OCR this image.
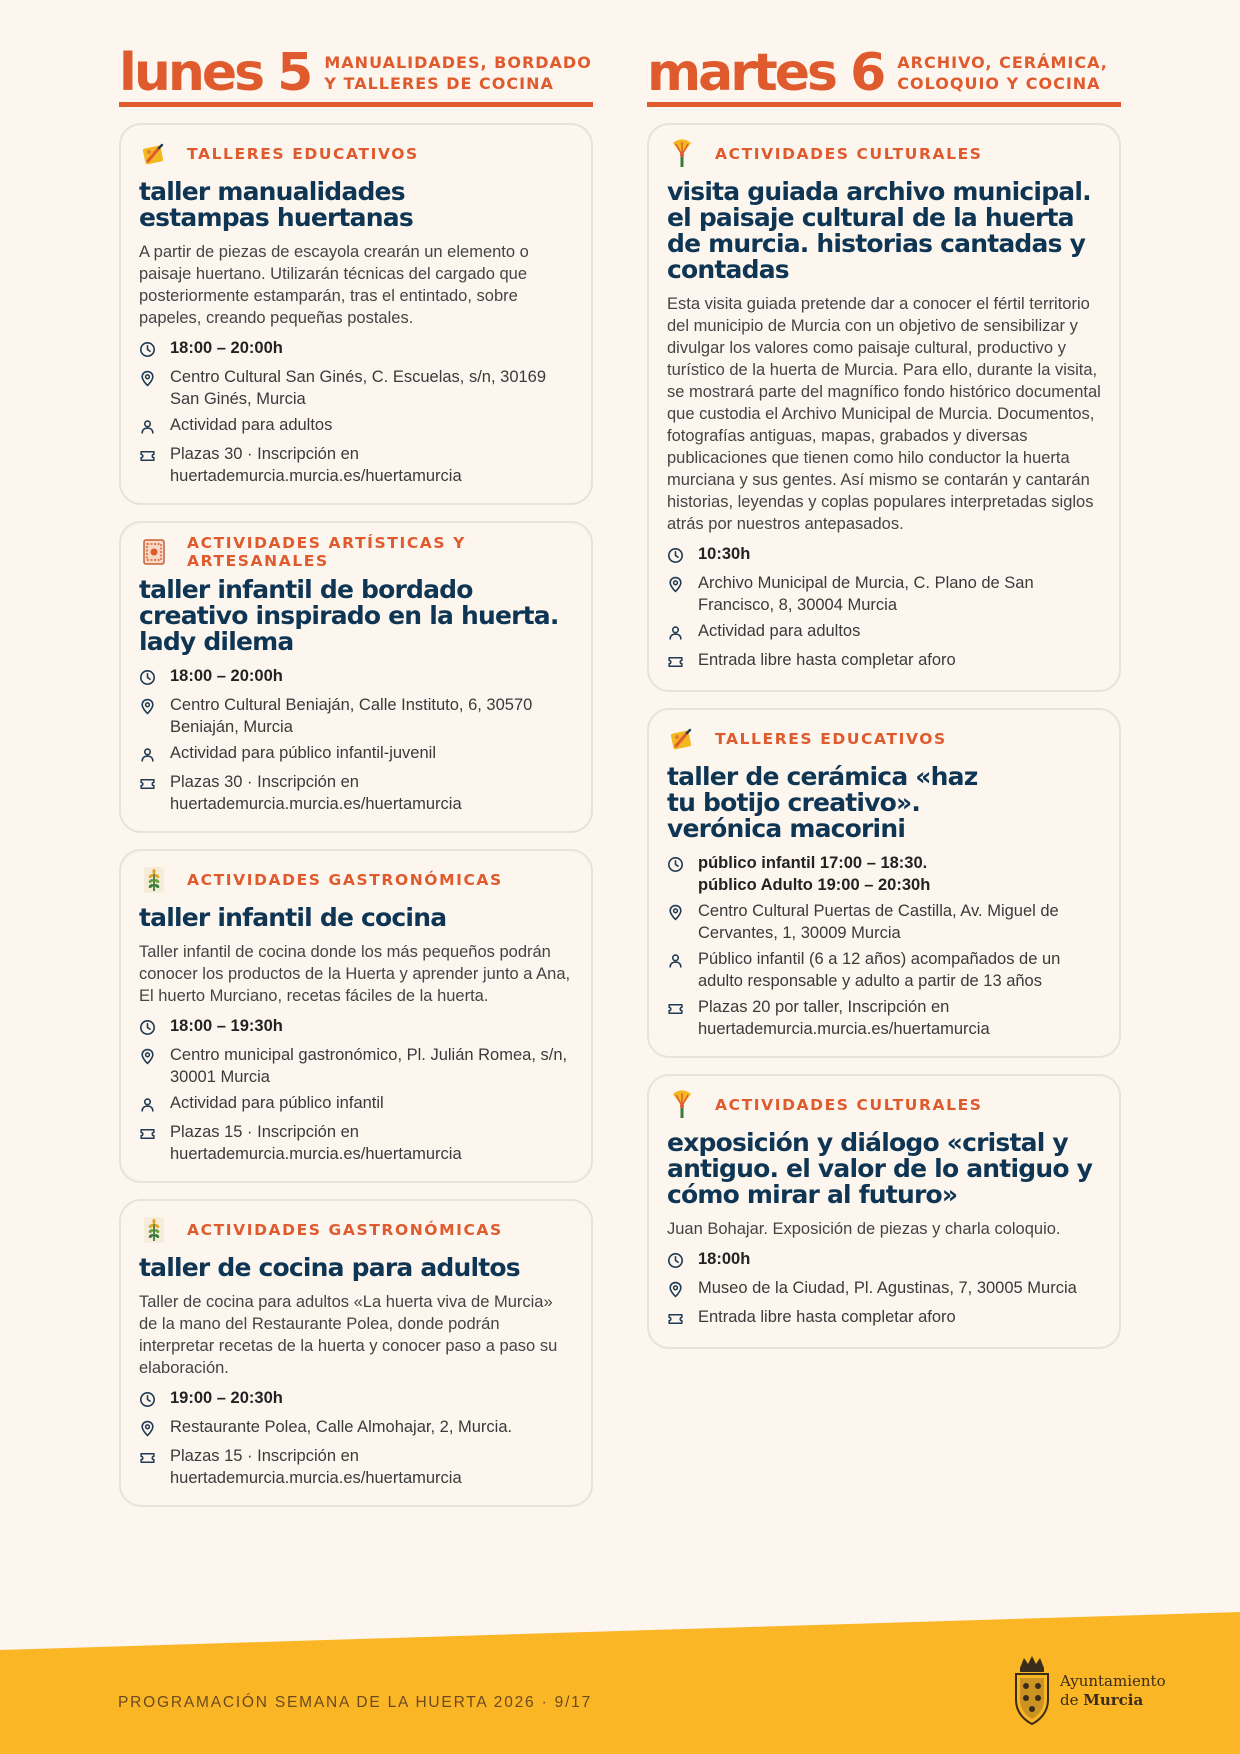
lunes 5 MANUALIDADES, BORDADO
Y TALLERES DE COCINA
TALLERES EDUCATIVOS
taller manualidades estampas huertanas
A partir de piezas de escayola crearán un elemento o paisaje huertano. Utilizarán técnicas del cargado que posteriormente estamparán, tras el entintado, sobre papeles, creando pequeñas postales.
18:00 – 20:00h
Centro Cultural San Ginés, C. Escuelas, s/n, 30169 San Ginés, Murcia
Actividad para adultos
Plazas 30 · Inscripción en huertademurcia.murcia.es/huertamurcia
ACTIVIDADES ARTÍSTICAS Y ARTESANALES
taller infantil de bordado creativo inspirado en la huerta. lady dilema
18:00 – 20:00h
Centro Cultural Beniaján, Calle Instituto, 6, 30570 Beniaján, Murcia
Actividad para público infantil-juvenil
Plazas 30 · Inscripción en huertademurcia.murcia.es/huertamurcia
ACTIVIDADES GASTRONÓMICAS
taller infantil de cocina
Taller infantil de cocina donde los más pequeños podrán conocer los productos de la Huerta y aprender junto a Ana, El huerto Murciano, recetas fáciles de la huerta.
18:00 – 19:30h
Centro municipal gastronómico, Pl. Julián Romea, s/n, 30001 Murcia
Actividad para público infantil
Plazas 15 · Inscripción en huertademurcia.murcia.es/huertamurcia
ACTIVIDADES GASTRONÓMICAS
taller de cocina para adultos
Taller de cocina para adultos «La huerta viva de Murcia» de la mano del Restaurante Polea, donde podrán interpretar recetas de la huerta y conocer paso a paso su elaboración.
19:00 – 20:30h
Restaurante Polea, Calle Almohajar, 2, Murcia.
Plazas 15 · Inscripción en huertademurcia.murcia.es/huertamurcia
martes 6 ARCHIVO, CERÁMICA,
COLOQUIO Y COCINA
ACTIVIDADES CULTURALES
visita guiada archivo municipal. el paisaje cultural de la huerta de murcia. historias cantadas y contadas
Esta visita guiada pretende dar a conocer el fértil territorio del municipio de Murcia con un objetivo de sensibilizar y divulgar los valores como paisaje cultural, productivo y turístico de la huerta de Murcia. Para ello, durante la visita, se mostrará parte del magnífico fondo histórico documental que custodia el Archivo Municipal de Murcia. Documentos, fotografías antiguas, mapas, grabados y diversas publicaciones que tienen como hilo conductor la huerta murciana y sus gentes. Así mismo se contarán y cantarán historias, leyendas y coplas populares interpretadas siglos atrás por nuestros antepasados.
10:30h
Archivo Municipal de Murcia, C. Plano de San Francisco, 8, 30004 Murcia
Actividad para adultos
Entrada libre hasta completar aforo
TALLERES EDUCATIVOS
taller de cerámica «haz tu botijo creativo». verónica macorini
público infantil 17:00 – 18:30.
público Adulto 19:00 – 20:30h
Centro Cultural Puertas de Castilla, Av. Miguel de Cervantes, 1, 30009 Murcia
Público infantil (6 a 12 años) acompañados de un adulto responsable y adulto a partir de 13 años
Plazas 20 por taller, Inscripción en huertademurcia.murcia.es/huertamurcia
ACTIVIDADES CULTURALES
exposición y diálogo «cristal y antiguo. el valor de lo antiguo y cómo mirar al futuro»
Juan Bohajar. Exposición de piezas y charla coloquio.
18:00h
Museo de la Ciudad, Pl. Agustinas, 7, 30005 Murcia
Entrada libre hasta completar aforo
PROGRAMACIÓN SEMANA DE LA HUERTA 2026 · 9/17
Ayuntamiento
de Murcia
